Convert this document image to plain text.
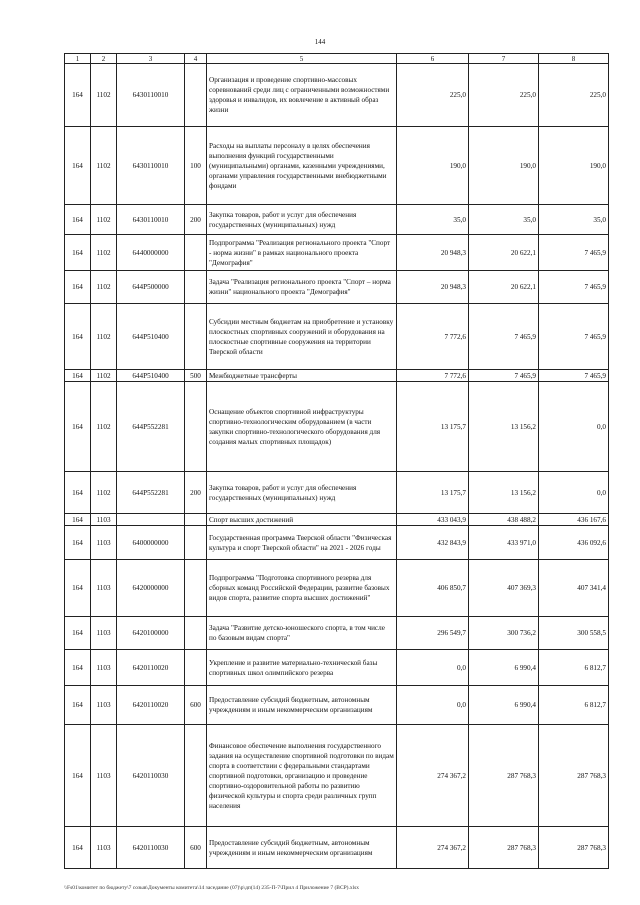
144
1	2	3	4	5	6	7	8
164	1102	6430110010		Организация и проведение спортивно-массовых соревнований среди лиц с ограниченными возможностями здоровья и инвалидов, их вовлечение в активный образ жизни	225,0	225,0	225,0
164	1102	6430110010	100	Расходы на выплаты персоналу в целях обеспечения выполнения функций государственными (муниципальными) органами, казенными учреждениями, органами управления государственными внебюджетными фондами	190,0	190,0	190,0
164	1102	6430110010	200	Закупка товаров, работ и услуг для обеспечения государственных (муниципальных) нужд	35,0	35,0	35,0
164	1102	6440000000		Подпрограмма "Реализация регионального проекта "Спорт - норма жизни" в рамках национального проекта "Демография"	20 948,3	20 622,1	7 465,9
164	1102	644P500000		Задача "Реализация регионального проекта "Спорт – норма жизни" национального проекта "Демография"	20 948,3	20 622,1	7 465,9
164	1102	644P510400		Субсидии местным бюджетам на приобретение и установку плоскостных спортивных сооружений и оборудования на плоскостные спортивные сооружения на территории Тверской области	7 772,6	7 465,9	7 465,9
164	1102	644P510400	500	Межбюджетные трансферты	7 772,6	7 465,9	7 465,9
164	1102	644P552281		Оснащение объектов спортивной инфраструктуры спортивно-технологическим оборудованием (в части закупки спортивно-технологического оборудования для создания малых спортивных площадок)	13 175,7	13 156,2	0,0
164	1102	644P552281	200	Закупка товаров, работ и услуг для обеспечения государственных (муниципальных) нужд	13 175,7	13 156,2	0,0
164	1103			Спорт высших достижений	433 043,9	438 488,2	436 167,6
164	1103	6400000000		Государственная программа Тверской области "Физическая культура и спорт Тверской области" на 2021 - 2026 годы	432 843,9	433 971,0	436 092,6
164	1103	6420000000		Подпрограмма "Подготовка спортивного резерва для сборных команд Российской Федерации, развитие базовых видов спорта, развитие спорта высших достижений"	406 850,7	407 369,3	407 341,4
164	1103	6420100000		Задача "Развитие детско-юношеского спорта, в том числе по базовым видам спорта"	296 549,7	300 736,2	300 558,5
164	1103	6420110020		Укрепление и развитие материально-технической базы спортивных школ олимпийского резерва	0,0	6 990,4	6 812,7
164	1103	6420110020	600	Предоставление субсидий бюджетным, автономным учреждениям и иным некоммерческим организациям	0,0	6 990,4	6 812,7
164	1103	6420110030		Финансовое обеспечение выполнения государственного задания на осуществление спортивной подготовки по видам спорта в соответствии с федеральными стандартами спортивной подготовки, организацию и проведение спортивно-оздоровительной работы по развитию физической культуры и спорта среди различных групп населения	274 367,2	287 768,3	287 768,3
164	1103	6420110030	600	Предоставление субсидий бюджетным, автономным учреждениям и иным некоммерческим организациям	274 367,2	287 768,3	287 768,3
\\Fs01\комитет по бюджету\7 созыв\Документы комитета\14 заседание (07)\р\дп(14) 235-П-7\Прил 4 Приложение 7 (ВСР).xlsx
